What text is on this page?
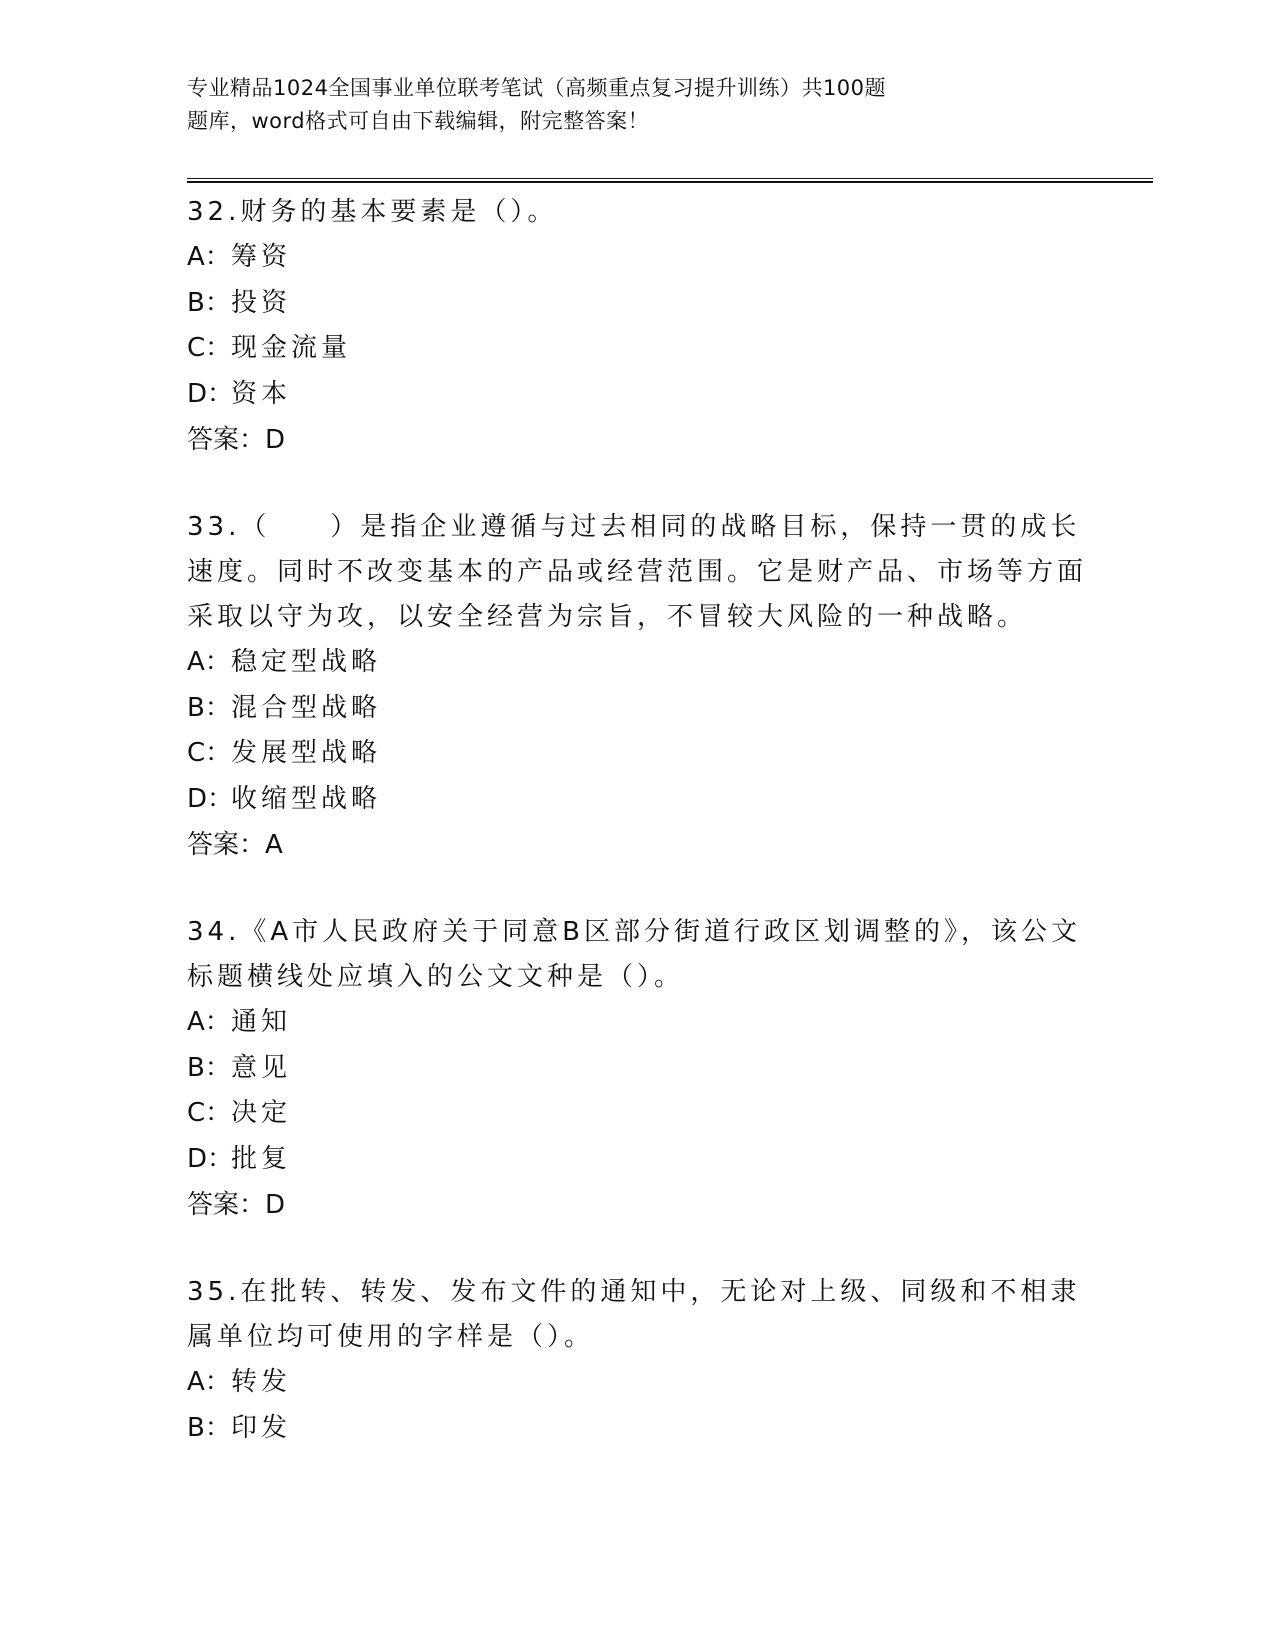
专业精品1024全国事业单位联考笔试（高频重点复习提升训练）共100题
题库，word格式可自由下载编辑，附完整答案！

32.财务的基本要素是（）。

A：筹资

B：投资

C：现金流量

D：资本

答案：D

33.（　　）是指企业遵循与过去相同的战略目标，保持一贯的成长速度。同时不改变基本的产品或经营范围。它是财产品、市场等方面采取以守为攻，以安全经营为宗旨，不冒较大风险的一种战略。

A：稳定型战略

B：混合型战略

C：发展型战略

D：收缩型战略

答案：A

34.《A市人民政府关于同意B区部分街道行政区划调整的》，该公文标题横线处应填入的公文文种是（）。

A：通知

B：意见

C：决定

D：批复

答案：D

35.在批转、转发、发布文件的通知中，无论对上级、同级和不相隶属单位均可使用的字样是（）。

A：转发

B：印发
